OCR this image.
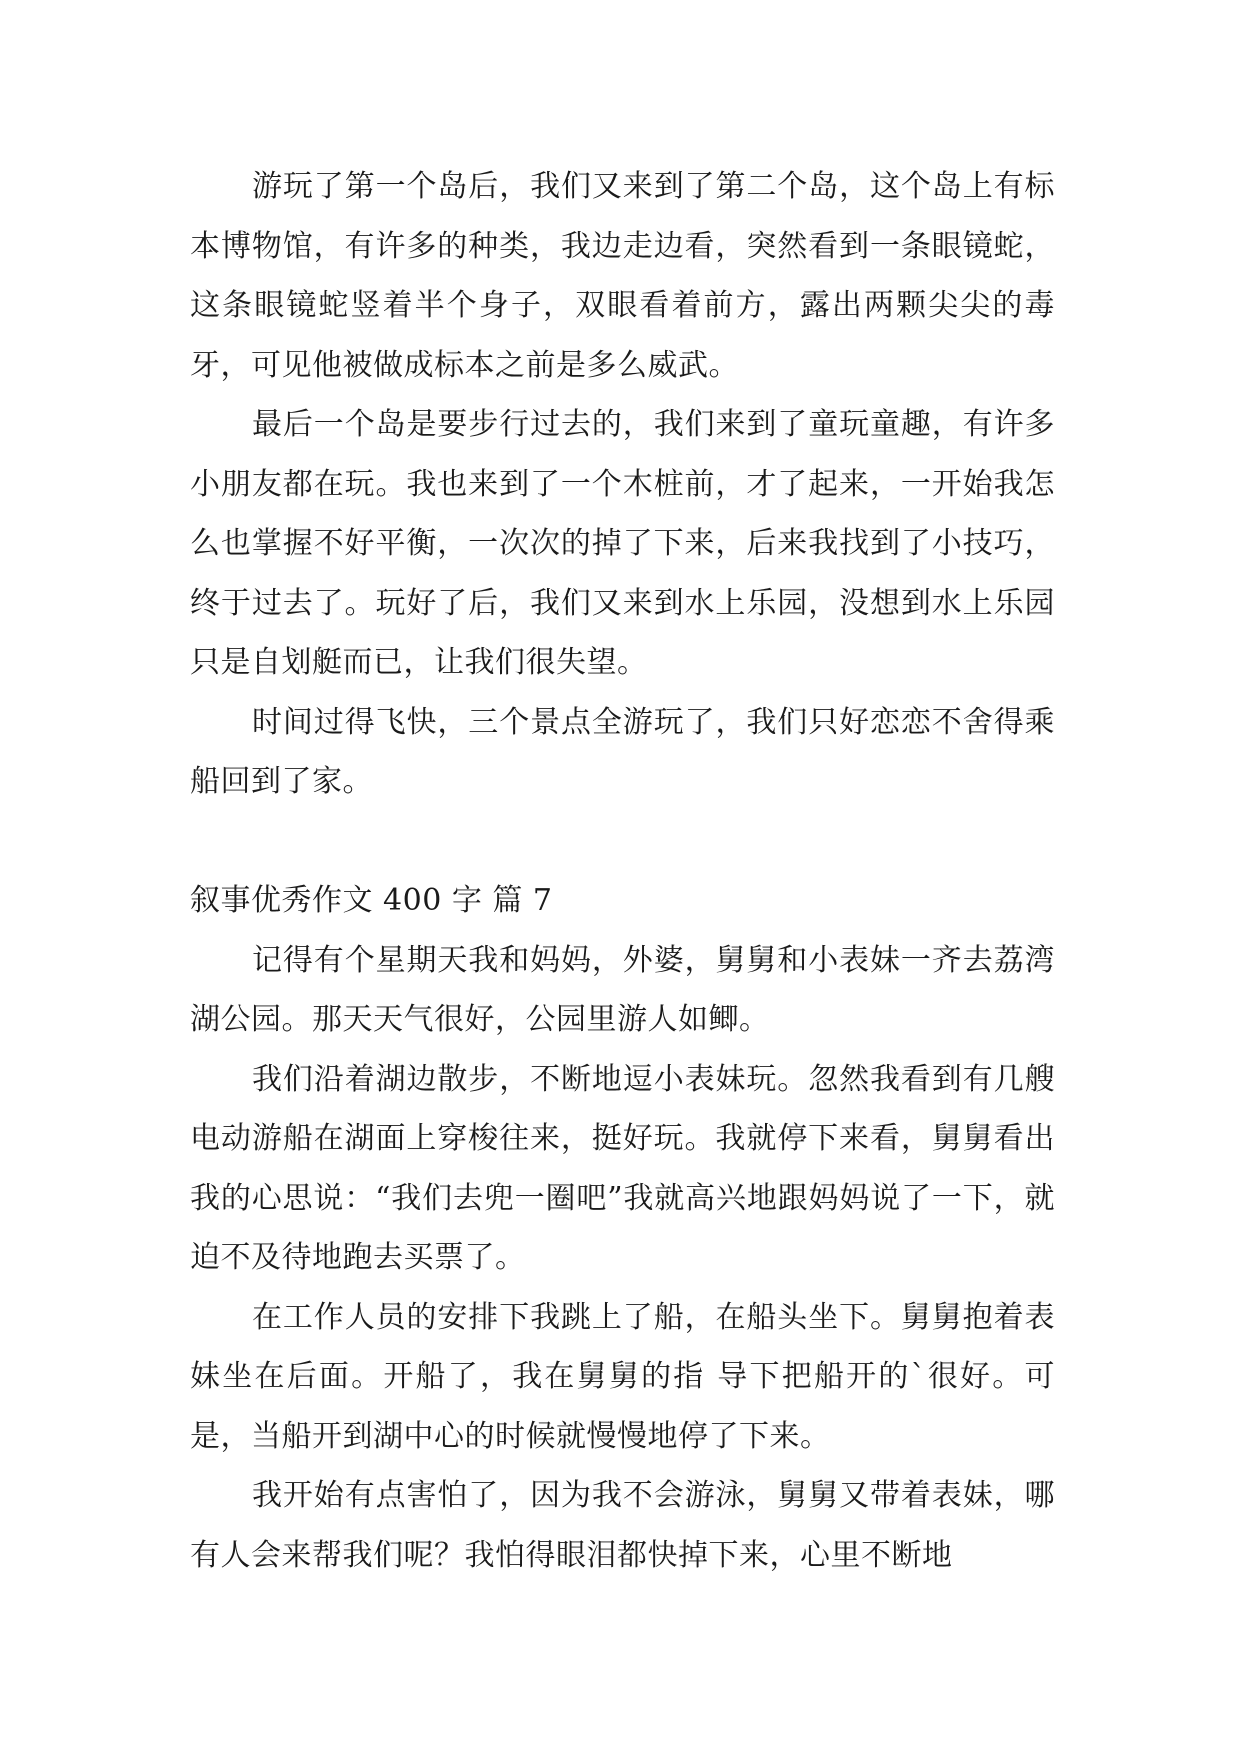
游玩了第一个岛后，我们又来到了第二个岛，这个岛上有标本博物馆，有许多的种类，我边走边看，突然看到一条眼镜蛇，这条眼镜蛇竖着半个身子，双眼看着前方，露出两颗尖尖的毒牙，可见他被做成标本之前是多么威武。

最后一个岛是要步行过去的，我们来到了童玩童趣，有许多小朋友都在玩。我也来到了一个木桩前，才了起来，一开始我怎么也掌握不好平衡，一次次的掉了下来，后来我找到了小技巧，终于过去了。玩好了后，我们又来到水上乐园，没想到水上乐园只是自划艇而已，让我们很失望。

时间过得飞快，三个景点全游玩了，我们只好恋恋不舍得乘船回到了家。

叙事优秀作文 400 字 篇 7

记得有个星期天我和妈妈，外婆，舅舅和小表妹一齐去荔湾湖公园。那天天气很好，公园里游人如鲫。

我们沿着湖边散步，不断地逗小表妹玩。忽然我看到有几艘电动游船在湖面上穿梭往来，挺好玩。我就停下来看，舅舅看出我的心思说：“我们去兜一圈吧”我就高兴地跟妈妈说了一下，就迫不及待地跑去买票了。

在工作人员的安排下我跳上了船，在船头坐下。舅舅抱着表妹坐在后面。开船了，我在舅舅的指 导下把船开的`很好。可是，当船开到湖中心的时候就慢慢地停了下来。

我开始有点害怕了，因为我不会游泳，舅舅又带着表妹，哪有人会来帮我们呢？我怕得眼泪都快掉下来，心里不断地
